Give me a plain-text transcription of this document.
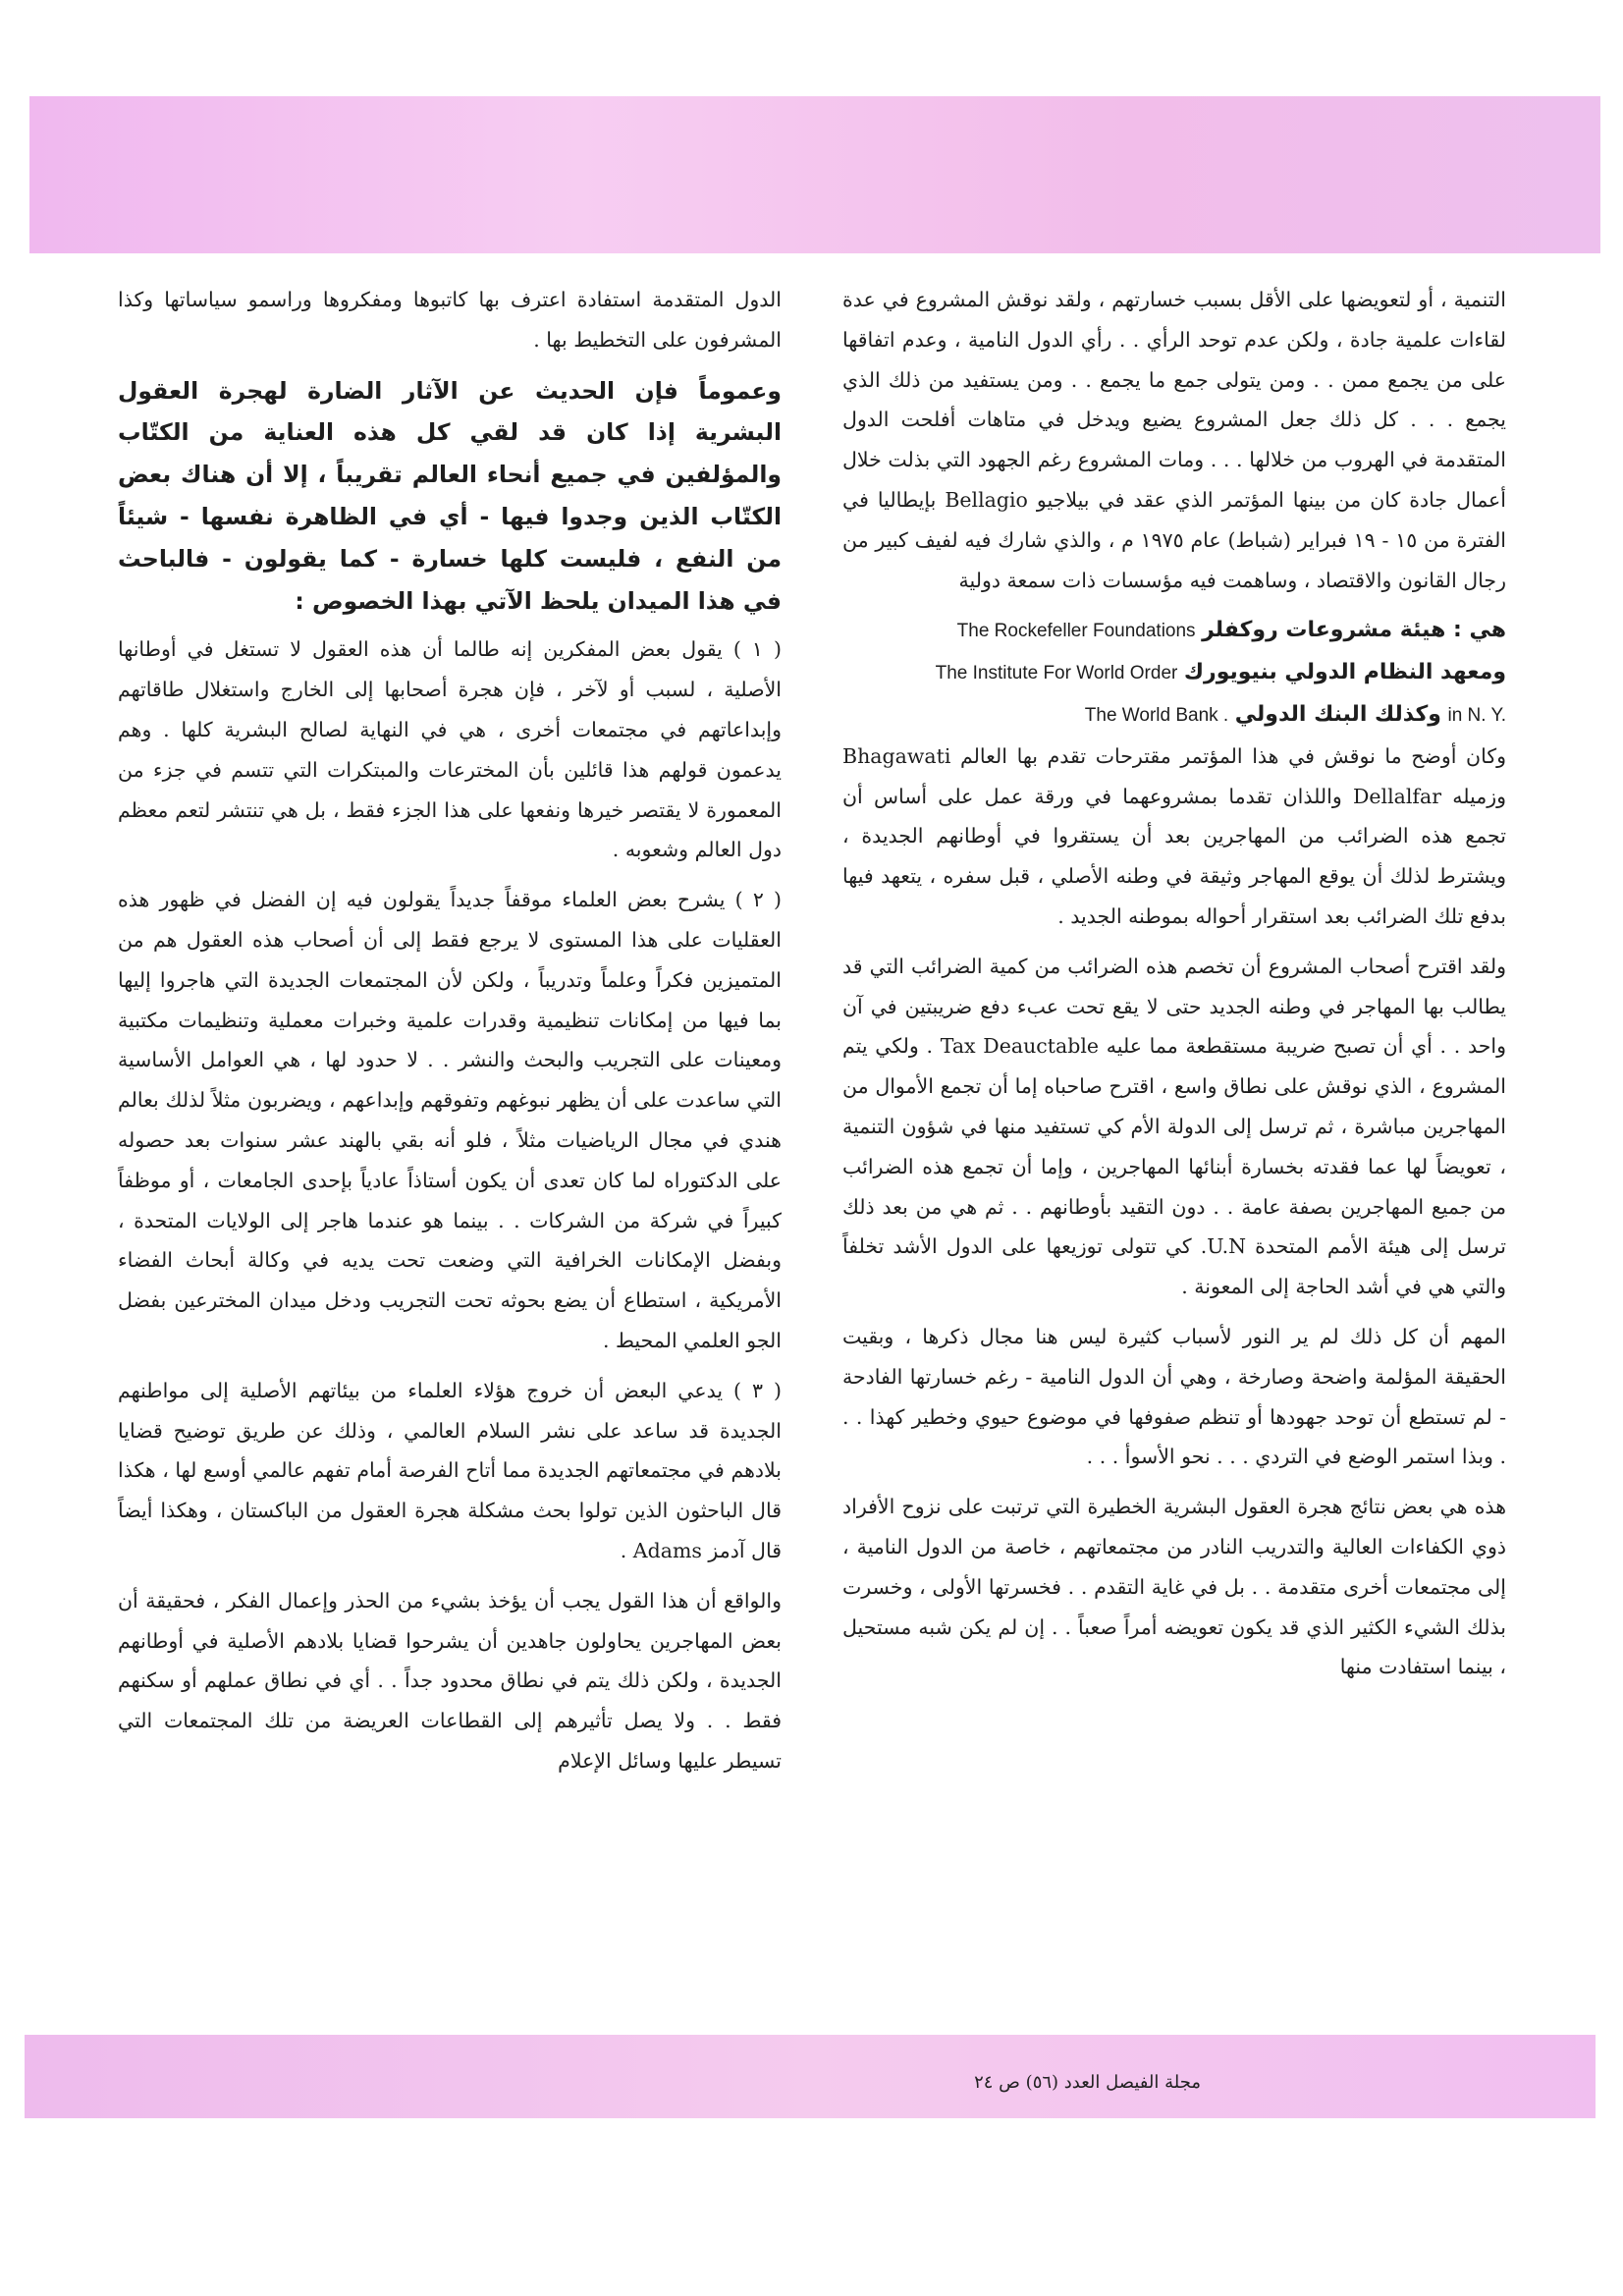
التنمية ، أو لتعويضها على الأقل بسبب خسارتهم ، ولقد نوقش المشروع في عدة لقاءات علمية جادة ، ولكن عدم توحد الرأي . . رأي الدول النامية ، وعدم اتفاقها على من يجمع ممن . . ومن يتولى جمع ما يجمع . . ومن يستفيد من ذلك الذي يجمع . . . كل ذلك جعل المشروع يضيع ويدخل في متاهات أفلحت الدول المتقدمة في الهروب من خلالها . . . ومات المشروع رغم الجهود التي بذلت خلال أعمال جادة كان من بينها المؤتمر الذي عقد في بيلاجيو Bellagio بإيطاليا في الفترة من ١٥ - ١٩ فبراير (شباط) عام ١٩٧٥ م ، والذي شارك فيه لفيف كبير من رجال القانون والاقتصاد ، وساهمت فيه مؤسسات ذات سمعة دولية

هي : هيئة مشروعات روكفلر The Rockefeller Foundations

ومعهد النظام الدولي بنيويورك The Institute For World Order

in N. Y. وكذلك البنك الدولي The World Bank .

وكان أوضح ما نوقش في هذا المؤتمر مقترحات تقدم بها العالم Bhagawati وزميله Dellalfar واللذان تقدما بمشروعهما في ورقة عمل على أساس أن تجمع هذه الضرائب من المهاجرين بعد أن يستقروا في أوطانهم الجديدة ، ويشترط لذلك أن يوقع المهاجر وثيقة في وطنه الأصلي ، قبل سفره ، يتعهد فيها بدفع تلك الضرائب بعد استقرار أحواله بموطنه الجديد .

ولقد اقترح أصحاب المشروع أن تخصم هذه الضرائب من كمية الضرائب التي قد يطالب بها المهاجر في وطنه الجديد حتى لا يقع تحت عبء دفع ضريبتين في آن واحد . . أي أن تصبح ضريبة مستقطعة مما عليه Tax Deauctable . ولكي يتم المشروع ، الذي نوقش على نطاق واسع ، اقترح صاحباه إما أن تجمع الأموال من المهاجرين مباشرة ، ثم ترسل إلى الدولة الأم كي تستفيد منها في شؤون التنمية ، تعويضاً لها عما فقدته بخسارة أبنائها المهاجرين ، وإما أن تجمع هذه الضرائب من جميع المهاجرين بصفة عامة . . دون التقيد بأوطانهم . . ثم هي من بعد ذلك ترسل إلى هيئة الأمم المتحدة U.N. كي تتولى توزيعها على الدول الأشد تخلفاً والتي هي في أشد الحاجة إلى المعونة .

المهم أن كل ذلك لم ير النور لأسباب كثيرة ليس هنا مجال ذكرها ، وبقيت الحقيقة المؤلمة واضحة وصارخة ، وهي أن الدول النامية - رغم خسارتها الفادحة - لم تستطع أن توحد جهودها أو تنظم صفوفها في موضوع حيوي وخطير كهذا . . . وبذا استمر الوضع في التردي . . . نحو الأسوأ . . .

هذه هي بعض نتائج هجرة العقول البشرية الخطيرة التي ترتبت على نزوح الأفراد ذوي الكفاءات العالية والتدريب النادر من مجتمعاتهم ، خاصة من الدول النامية ، إلى مجتمعات أخرى متقدمة . . بل في غاية التقدم . . فخسرتها الأولى ، وخسرت بذلك الشيء الكثير الذي قد يكون تعويضه أمراً صعباً . . إن لم يكن شبه مستحيل ، بينما استفادت منها

الدول المتقدمة استفادة اعترف بها كاتبوها ومفكروها وراسمو سياساتها وكذا المشرفون على التخطيط بها .

وعموماً فإن الحديث عن الآثار الضارة لهجرة العقول البشرية إذا كان قد لقي كل هذه العناية من الكتّاب والمؤلفين في جميع أنحاء العالم تقريباً ، إلا أن هناك بعض الكتّاب الذين وجدوا فيها - أي في الظاهرة نفسها - شيئاً من النفع ، فليست كلها خسارة - كما يقولون - فالباحث في هذا الميدان يلحظ الآتي بهذا الخصوص :

( ١ ) يقول بعض المفكرين إنه طالما أن هذه العقول لا تستغل في أوطانها الأصلية ، لسبب أو لآخر ، فإن هجرة أصحابها إلى الخارج واستغلال طاقاتهم وإبداعاتهم في مجتمعات أخرى ، هي في النهاية لصالح البشرية كلها . وهم يدعمون قولهم هذا قائلين بأن المخترعات والمبتكرات التي تتسم في جزء من المعمورة لا يقتصر خيرها ونفعها على هذا الجزء فقط ، بل هي تنتشر لتعم معظم دول العالم وشعوبه .

( ٢ ) يشرح بعض العلماء موقفاً جديداً يقولون فيه إن الفضل في ظهور هذه العقليات على هذا المستوى لا يرجع فقط إلى أن أصحاب هذه العقول هم من المتميزين فكراً وعلماً وتدريباً ، ولكن لأن المجتمعات الجديدة التي هاجروا إليها بما فيها من إمكانات تنظيمية وقدرات علمية وخبرات معملية وتنظيمات مكتبية ومعينات على التجريب والبحث والنشر . . لا حدود لها ، هي العوامل الأساسية التي ساعدت على أن يظهر نبوغهم وتفوقهم وإبداعهم ، ويضربون مثلاً لذلك بعالم هندي في مجال الرياضيات مثلاً ، فلو أنه بقي بالهند عشر سنوات بعد حصوله على الدكتوراه لما كان تعدى أن يكون أستاذاً عادياً بإحدى الجامعات ، أو موظفاً كبيراً في شركة من الشركات . . بينما هو عندما هاجر إلى الولايات المتحدة ، وبفضل الإمكانات الخرافية التي وضعت تحت يديه في وكالة أبحاث الفضاء الأمريكية ، استطاع أن يضع بحوثه تحت التجريب ودخل ميدان المخترعين بفضل الجو العلمي المحيط .

( ٣ ) يدعي البعض أن خروج هؤلاء العلماء من بيئاتهم الأصلية إلى مواطنهم الجديدة قد ساعد على نشر السلام العالمي ، وذلك عن طريق توضيح قضايا بلادهم في مجتمعاتهم الجديدة مما أتاح الفرصة أمام تفهم عالمي أوسع لها ، هكذا قال الباحثون الذين تولوا بحث مشكلة هجرة العقول من الباكستان ، وهكذا أيضاً قال آدمز Adams .

والواقع أن هذا القول يجب أن يؤخذ بشيء من الحذر وإعمال الفكر ، فحقيقة أن بعض المهاجرين يحاولون جاهدين أن يشرحوا قضايا بلادهم الأصلية في أوطانهم الجديدة ، ولكن ذلك يتم في نطاق محدود جداً . . أي في نطاق عملهم أو سكنهم فقط . . ولا يصل تأثيرهم إلى القطاعات العريضة من تلك المجتمعات التي تسيطر عليها وسائل الإعلام

مجلة الفيصل العدد (٥٦) ص ٢٤
